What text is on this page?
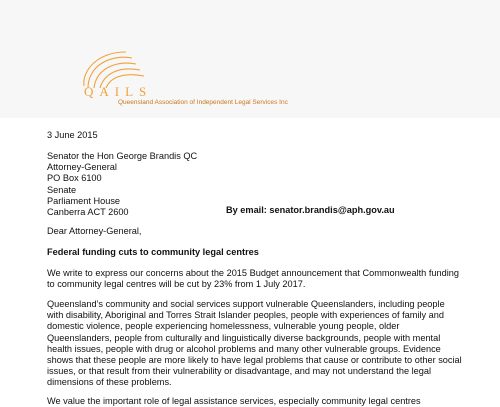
QAILS
Queensland Association of Independent Legal Services Inc
3 June 2015
Senator the Hon George Brandis QC
Attorney-General
PO Box 6100
Senate
Parliament House
Canberra ACT 2600	By email: senator.brandis@aph.gov.au
Dear Attorney-General,
Federal funding cuts to community legal centres
We write to express our concerns about the 2015 Budget announcement that Commonwealth funding to community legal centres will be cut by 23% from 1 July 2017.
Queensland’s community and social services support vulnerable Queenslanders, including people with disability, Aboriginal and Torres Strait Islander peoples, people with experiences of family and domestic violence, people experiencing homelessness, vulnerable young people, older Queenslanders, people from culturally and linguistically diverse backgrounds, people with mental health issues, people with drug or alcohol problems and many other vulnerable groups. Evidence shows that these people are more likely to have legal problems that cause or contribute to other social issues, or that result from their vulnerability or disadvantage, and may not understand the legal dimensions of these problems.
We value the important role of legal assistance services, especially community legal centres
